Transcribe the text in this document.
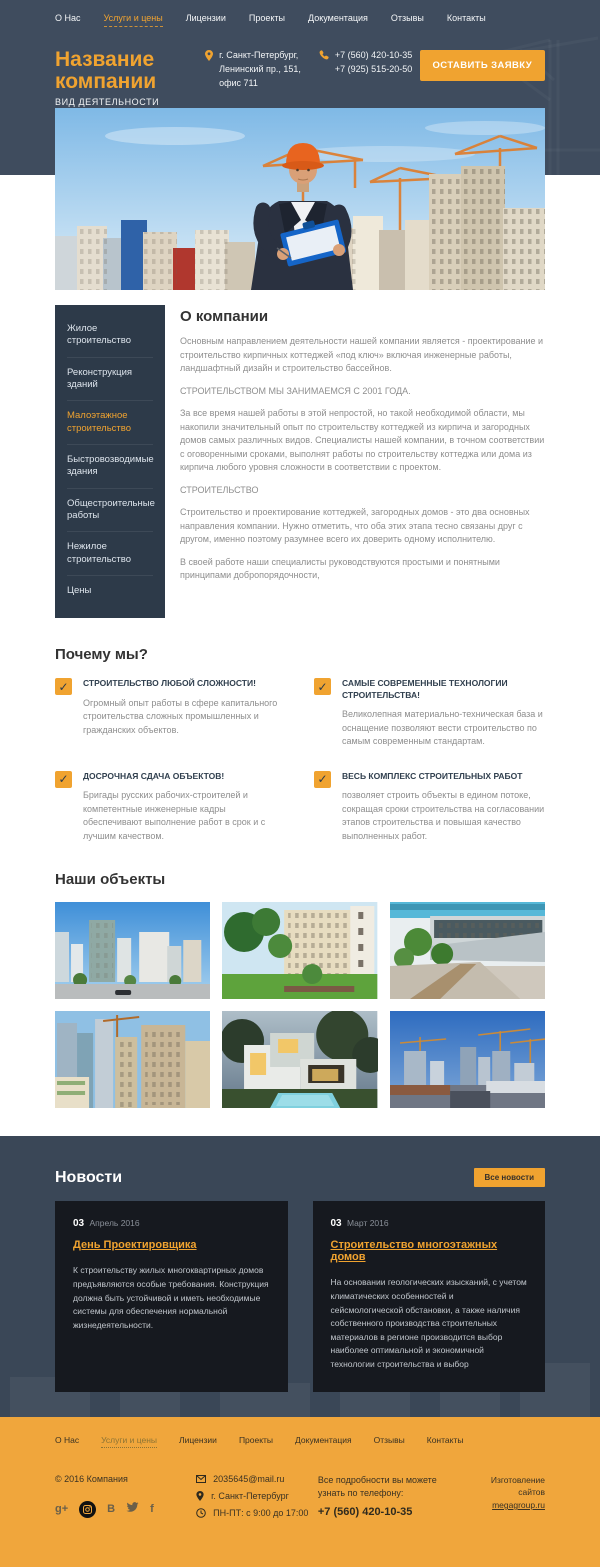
О Нас	Услуги и цены	Лицензии	Проекты	Документация	Отзывы	Контакты
Название компании
ВИД ДЕЯТЕЛЬНОСТИ
г. Санкт-Петербург,
Ленинский пр., 151, офис 711
+7 (560) 420-10-35
+7 (925) 515-20-50	ОСТАВИТЬ ЗАЯВКУ
Жилое строительство
Реконструкция зданий
Малоэтажное строительство
Быстровозводимые здания
Общестроительные работы
Нежилое строительство
Цены
О компании

Основным направлением деятельности нашей компании является - проектирование и строительство кирпичных коттеджей «под ключ» включая инженерные работы, ландшафтный дизайн и строительство бассейнов.

СТРОИТЕЛЬСТВОМ МЫ ЗАНИМАЕМСЯ С 2001 ГОДА.

За все время нашей работы в этой непростой, но такой необходимой области, мы накопили значительный опыт по строительству коттеджей из кирпича и загородных домов самых различных видов. Специалисты нашей компании, в точном соответствии с оговоренными сроками, выполнят работы по строительству коттеджа или дома из кирпича любого уровня сложности в соответствии с проектом.

СТРОИТЕЛЬСТВО

Строительство и проектирование коттеджей, загородных домов - это два основных направления компании. Нужно отметить, что оба этих этапа тесно связаны друг с другом, именно поэтому разумнее всего их доверить одному исполнителю.

В своей работе наши специалисты руководствуются простыми и понятными принципами добропорядочности,

Почему мы?
✓	СТРОИТЕЛЬСТВО ЛЮБОЙ СЛОЖНОСТИ!
Огромный опыт работы в сфере капитального строительства сложных промышленных и гражданских объектов.
✓	САМЫЕ СОВРЕМЕННЫЕ ТЕХНОЛОГИИ СТРОИТЕЛЬСТВА!
Великолепная материально-техническая база и оснащение позволяют вести строительство по самым современным стандартам.
✓	ДОСРОЧНАЯ СДАЧА ОБЪЕКТОВ!
Бригады русских рабочих-строителей и компетентные инженерные кадры обеспечивают выполнение работ в срок и с лучшим качеством.
✓	ВЕСЬ КОМПЛЕКС СТРОИТЕЛЬНЫХ РАБОТ
позволяет строить объекты в едином потоке, сокращая сроки строительства на согласовании этапов строительства и повышая качество выполненных работ.
Наши объекты
Новости	Все новости
03 Апрель 2016
День Проектировщика
К строительству жилых многоквартирных домов предъявляются особые требования. Конструкция должна быть устойчивой и иметь необходимые системы для обеспечения нормальной жизнедеятельности.
03 Март 2016
Строительство многоэтажных домов
На основании геологических изысканий, с учетом климатических особенностей и сейсмологической обстановки, а также наличия собственного производства строительных материалов в регионе производится выбор наиболее оптимальной и экономичной технологии строительства и выбор
О Нас	Услуги и цены	Лицензии	Проекты	Документация	Отзывы	Контакты
© 2016 Компания
g+	В	f
2035645@mail.ru
г. Санкт-Петербург
ПН-ПТ: с 9:00 до 17:00
Все подробности вы можете
узнать по телефону:
+7 (560) 420-10-35
Изготовление сайтов
megagroup.ru
